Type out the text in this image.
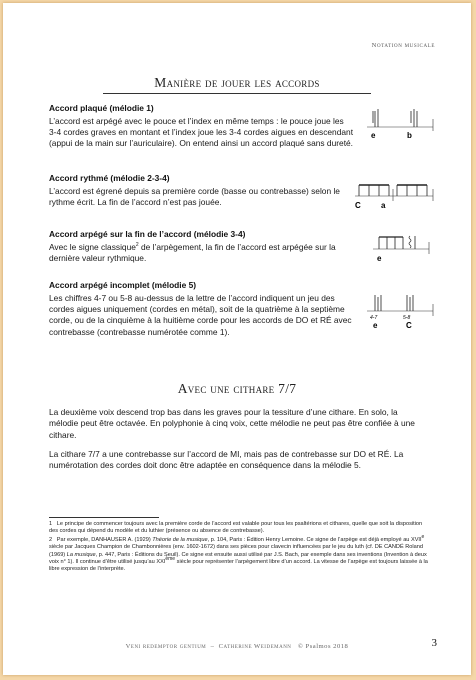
Notation musicale
Manière de jouer les accords
Accord plaqué (mélodie 1)

L’accord est arpégé avec le pouce et l’index en même temps : le pouce joue les 3-4 cordes graves en montant et l’index joue les 3-4 cordes aigues en descendant (appui de la main sur l’auriculaire). On entend ainsi un accord plaqué sans dureté.

e	b
Accord rythmé (mélodie 2-3-4)

L’accord est égrené depuis sa première corde (basse ou contrebasse) selon le rythme écrit. La fin de l’accord n’est pas jouée.	C	a
Accord arpégé sur la fin de l’accord (mélodie 3-4)

Avec le signe classique$^2$ de l’arpègement, la fin de l’accord est arpégée sur la dernière valeur rythmique.	e
Accord arpégé incomplet (mélodie 5)

Les chiffres 4-7 ou 5-8 au-dessus de la lettre de l’accord indiquent un jeu des cordes aigues uniquement (cordes en métal), soit de la quatrième à la septième corde, ou de la cinquième à la huitième corde pour les accords de DO et RÉ avec contrebasse (contrebasse numérotée comme 1).

4-7
e
5-8
C
Avec une cithare 7/7

La deuxième voix descend trop bas dans les graves pour la tessiture d’une cithare. En solo, la mélodie peut être octavée. En polyphonie à cinq voix, cette mélodie ne peut pas être confiée à une cithare.

La cithare 7/7 a une contrebasse sur l’accord de MI, mais pas de contrebasse sur DO et RÉ. La numérotation des cordes doit donc être adaptée en conséquence dans la mélodie 5.

1 Le principe de commencer toujours avec la première corde de l’accord est valable pour tous les psaltérions et cithares, quelle que soit la disposition des cordes qui dépend du modèle et du luthier (présence ou absence de contrebasse).

2 Par exemple, DANHAUSER A. (1929) Théorie de la musique, p. 104, Paris : Édition Henry Lemoine. Ce signe de l’arpège est déjà employé au XVIIe siècle par Jacques Champion de Chambonnières (env. 1602-1672) dans ses pièces pour clavecin influencées par le jeu du luth (cf. DE CANDÉ Roland (1969) La musique, p. 447, Paris : Éditions du Seuil). Ce signe est ensuite aussi utilisé par J.S. Bach, par exemple dans ses inventions (Invention à deux voix n° 1). Il continue d’être utilisé jusqu’au XXIème siècle pour représenter l’arpègement libre d’un accord. La vitesse de l’arpège est toujours laissée à la libre expression de l’interprète.

Veni redemptor gentium – Catherine Weidemann © Psalmos 2018	3
